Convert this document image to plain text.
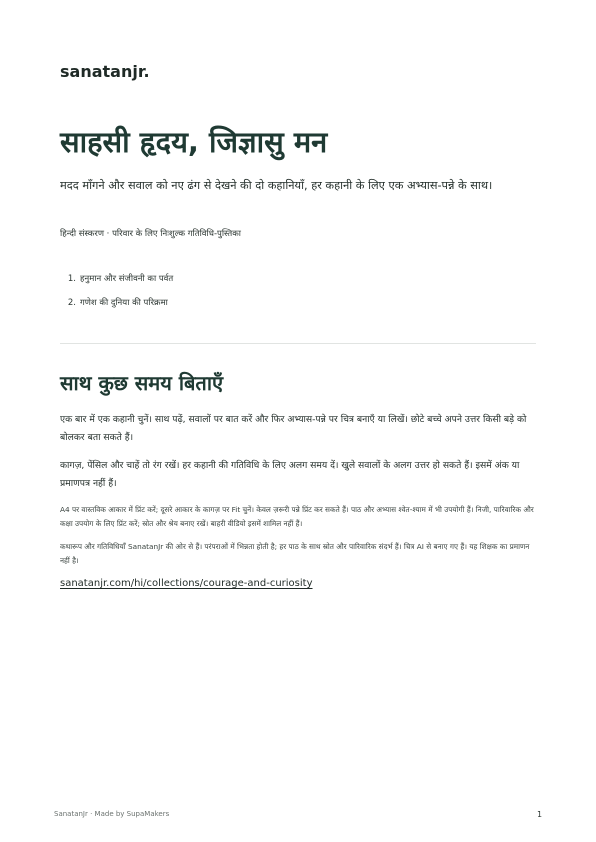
sanatanjr.
साहसी हृदय, जिज्ञासु मन

मदद माँगने और सवाल को नए ढंग से देखने की दो कहानियाँ, हर कहानी के लिए एक अभ्यास-पन्ने के साथ।

हिन्दी संस्करण · परिवार के लिए निःशुल्क गतिविधि-पुस्तिका
1. हनुमान और संजीवनी का पर्वत
2. गणेश की दुनिया की परिक्रमा
साथ कुछ समय बिताएँ

एक बार में एक कहानी चुनें। साथ पढ़ें, सवालों पर बात करें और फिर अभ्यास-पन्ने पर चित्र बनाएँ या लिखें। छोटे बच्चे अपने उत्तर किसी बड़े को बोलकर बता सकते हैं।

कागज़, पेंसिल और चाहें तो रंग रखें। हर कहानी की गतिविधि के लिए अलग समय दें। खुले सवालों के अलग उत्तर हो सकते हैं। इसमें अंक या प्रमाणपत्र नहीं हैं।

A4 पर वास्तविक आकार में प्रिंट करें; दूसरे आकार के कागज़ पर Fit चुनें। केवल ज़रूरी पन्ने प्रिंट कर सकते हैं। पाठ और अभ्यास श्वेत-श्याम में भी उपयोगी हैं। निजी, पारिवारिक और कक्षा उपयोग के लिए प्रिंट करें; स्रोत और श्रेय बनाए रखें। बाहरी वीडियो इसमें शामिल नहीं हैं।

कथारूप और गतिविधियाँ SanatanJr की ओर से हैं। परंपराओं में भिन्नता होती है; हर पाठ के साथ स्रोत और पारिवारिक संदर्भ हैं। चित्र AI से बनाए गए हैं। यह शिक्षक का प्रमाणन नहीं है।

sanatanjr.com/hi/collections/courage-and-curiosity
SanatanJr · Made by SupaMakers	1
